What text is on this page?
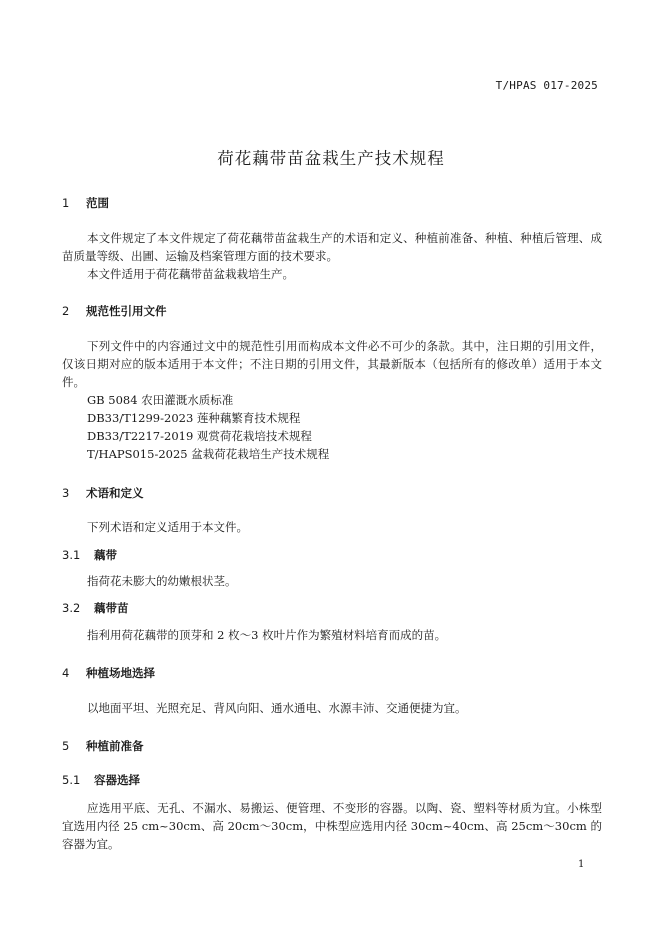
T/HPAS 017-2025
荷花藕带苗盆栽生产技术规程
1 范围
本文件规定了本文件规定了荷花藕带苗盆栽生产的术语和定义、种植前准备、种植、种植后管理、成苗质量等级、出圃、运输及档案管理方面的技术要求。
本文件适用于荷花藕带苗盆栽栽培生产。
2 规范性引用文件
下列文件中的内容通过文中的规范性引用而构成本文件必不可少的条款。其中，注日期的引用文件，仅该日期对应的版本适用于本文件；不注日期的引用文件，其最新版本（包括所有的修改单）适用于本文件。
GB 5084 农田灌溉水质标准
DB33/T1299-2023 莲种藕繁育技术规程
DB33/T2217-2019 观赏荷花栽培技术规程
T/HAPS015-2025 盆栽荷花栽培生产技术规程
3 术语和定义
下列术语和定义适用于本文件。
3.1 藕带
指荷花未膨大的幼嫩根状茎。
3.2 藕带苗
指利用荷花藕带的顶芽和 2 枚～3 枚叶片作为繁殖材料培育而成的苗。
4 种植场地选择
以地面平坦、光照充足、背风向阳、通水通电、水源丰沛、交通便捷为宜。
5 种植前准备
5.1 容器选择
应选用平底、无孔、不漏水、易搬运、便管理、不变形的容器。以陶、瓷、塑料等材质为宜。小株型宜选用内径 25 cm~30cm、高 20cm～30cm，中株型应选用内径 30cm~40cm、高 25cm～30cm 的容器为宜。
1
